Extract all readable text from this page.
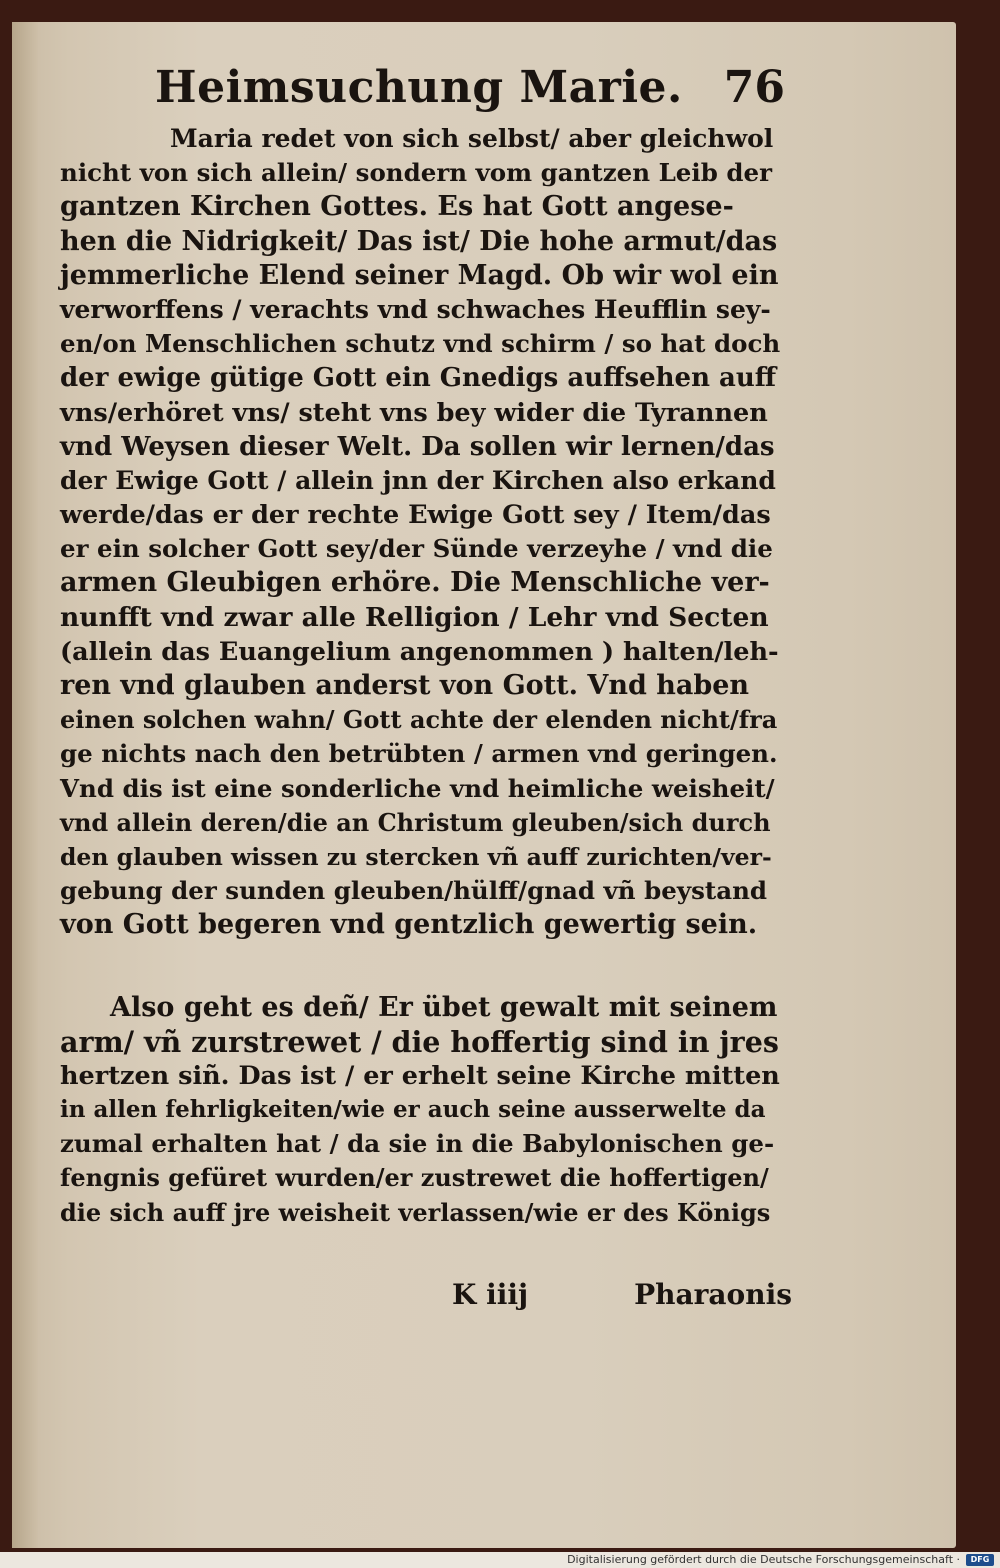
Heimsuchung Marie. 76
Maria redet von sich selbst/ aber gleichwol
nicht von sich allein/ sondern vom gantzen Leib der
gantzen Kirchen Gottes. Es hat Gott angese-
hen die Nidrigkeit/ Das ist/ Die hohe armut/das
jemmerliche Elend seiner Magd. Ob wir wol ein
verworffens / verachts vnd schwaches Heufflin sey-
en/on Menschlichen schutz vnd schirm / so hat doch
der ewige gütige Gott ein Gnedigs auffsehen auff
vns/erhöret vns/ steht vns bey wider die Tyrannen
vnd Weysen dieser Welt. Da sollen wir lernen/das
der Ewige Gott / allein jnn der Kirchen also erkand
werde/das er der rechte Ewige Gott sey / Item/das
er ein solcher Gott sey/der Sünde verzeyhe / vnd die
armen Gleubigen erhöre. Die Menschliche ver-
nunfft vnd zwar alle Relligion / Lehr vnd Secten
(allein das Euangelium angenommen ) halten/leh-
ren vnd glauben anderst von Gott. Vnd haben
einen solchen wahn/ Gott achte der elenden nicht/fra
ge nichts nach den betrübten / armen vnd geringen.
Vnd dis ist eine sonderliche vnd heimliche weisheit/
vnd allein deren/die an Christum gleuben/sich durch
den glauben wissen zu stercken vñ auff zurichten/ver-
gebung der sunden gleuben/hülff/gnad vñ beystand
von Gott begeren vnd gentzlich gewertig sein.
Also geht es deñ/ Er übet gewalt mit seinem
arm/ vñ zurstrewet / die hoffertig sind in jres
hertzen siñ. Das ist / er erhelt seine Kirche mitten
in allen fehrligkeiten/wie er auch seine ausserwelte da
zumal erhalten hat / da sie in die Babylonischen ge-
fengnis gefüret wurden/er zustrewet die hoffertigen/
die sich auff jre weisheit verlassen/wie er des Königs
K iiij	Pharaonis
Digitalisierung gefördert durch die Deutsche Forschungsgemeinschaft ·	DFG
